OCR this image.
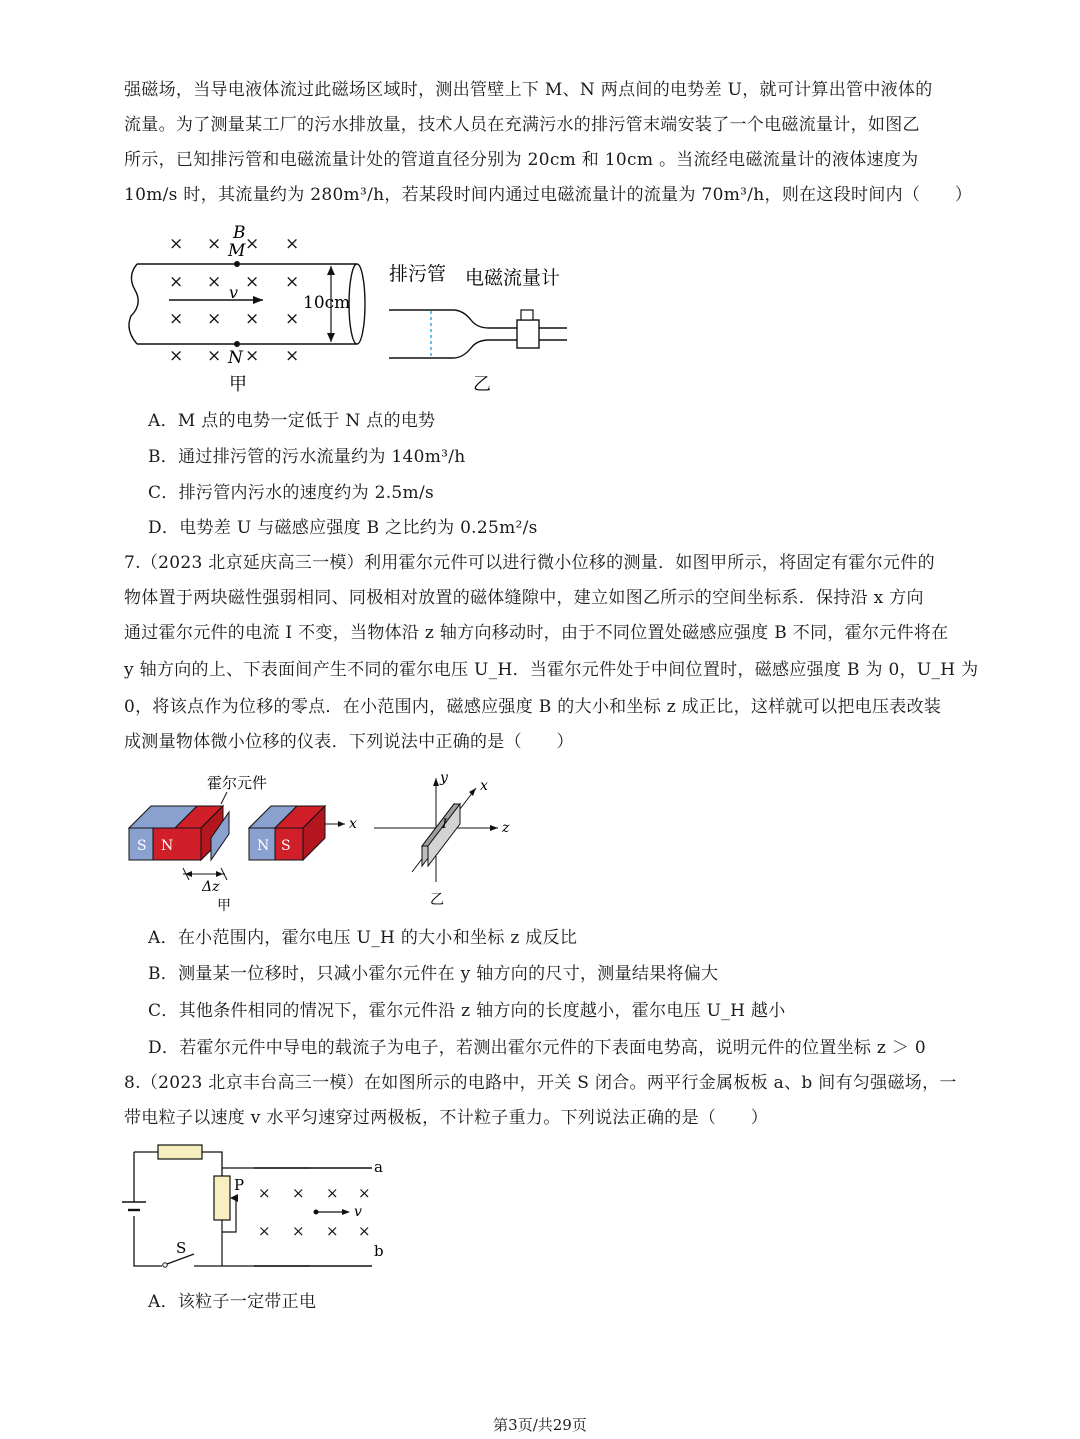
强磁场，当导电液体流过此磁场区域时，测出管壁上下 M、N 两点间的电势差 U，就可计算出管中液体的
流量。为了测量某工厂的污水排放量，技术人员在充满污水的排污管末端安装了一个电磁流量计，如图乙
所示，已知排污管和电磁流量计处的管道直径分别为 20cm 和 10cm 。当流经电磁流量计的液体速度为
10m/s 时，其流量约为 280m³/h，若某段时间内通过电磁流量计的流量为 70m³/h，则在这段时间内（　　）
× × × ×
× × × ×
× × × ×
× × × ×
B
M
N
v
10cm
甲
排污管 电磁流量计
乙
A．M 点的电势一定低于 N 点的电势
B．通过排污管的污水流量约为 140m³/h
C．排污管内污水的速度约为 2.5m/s
D．电势差 U 与磁感应强度 B 之比约为 0.25m²/s
7.（2023 北京延庆高三一模）利用霍尔元件可以进行微小位移的测量．如图甲所示，将固定有霍尔元件的
物体置于两块磁性强弱相同、同极相对放置的磁体缝隙中，建立如图乙所示的空间坐标系．保持沿 x 方向
通过霍尔元件的电流 I 不变，当物体沿 z 轴方向移动时，由于不同位置处磁感应强度 B 不同，霍尔元件将在
y 轴方向的上、下表面间产生不同的霍尔电压 U_H．当霍尔元件处于中间位置时，磁感应强度 B 为 0，U_H 为
0，将该点作为位移的零点．在小范围内，磁感应强度 B 的大小和坐标 z 成正比，这样就可以把电压表改装
成测量物体微小位移的仪表．下列说法中正确的是（　　）
霍尔元件
S N	N S
x
Δz
甲
z
y x
I
乙
A．在小范围内，霍尔电压 U_H 的大小和坐标 z 成反比
B．测量某一位移时，只减小霍尔元件在 y 轴方向的尺寸，测量结果将偏大
C．其他条件相同的情况下，霍尔元件沿 z 轴方向的长度越小，霍尔电压 U_H 越小
D．若霍尔元件中导电的载流子为电子，若测出霍尔元件的下表面电势高，说明元件的位置坐标 z ＞ 0
8.（2023 北京丰台高三一模）在如图所示的电路中，开关 S 闭合。两平行金属板板 a、b 间有匀强磁场，一
带电粒子以速度 v 水平匀速穿过两极板，不计粒子重力。下列说法正确的是（　　）
S
P
a
b
× × × ×
× × × ×
v
A．该粒子一定带正电
第3页/共29页
